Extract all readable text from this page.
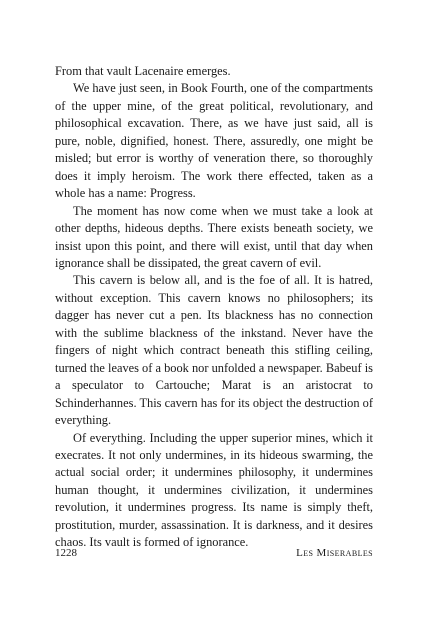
From that vault Lacenaire emerges.

We have just seen, in Book Fourth, one of the compartments of the upper mine, of the great political, revolutionary, and philosophical excavation. There, as we have just said, all is pure, noble, dignified, honest. There, assuredly, one might be misled; but error is worthy of veneration there, so thoroughly does it imply heroism. The work there effected, taken as a whole has a name: Progress.

The moment has now come when we must take a look at other depths, hideous depths. There exists beneath society, we insist upon this point, and there will exist, until that day when ignorance shall be dissipated, the great cavern of evil.

This cavern is below all, and is the foe of all. It is hatred, without exception. This cavern knows no philosophers; its dagger has never cut a pen. Its blackness has no connection with the sublime blackness of the inkstand. Never have the fingers of night which contract beneath this stifling ceiling, turned the leaves of a book nor unfolded a newspaper. Babeuf is a speculator to Cartouche; Marat is an aristocrat to Schinderhannes. This cavern has for its object the destruction of everything.

Of everything. Including the upper superior mines, which it execrates. It not only undermines, in its hideous swarming, the actual social order; it undermines philosophy, it undermines human thought, it undermines civilization, it undermines revolution, it undermines progress. Its name is simply theft, prostitution, murder, assassination. It is darkness, and it desires chaos. Its vault is formed of ignorance.

1228	Les Miserables
